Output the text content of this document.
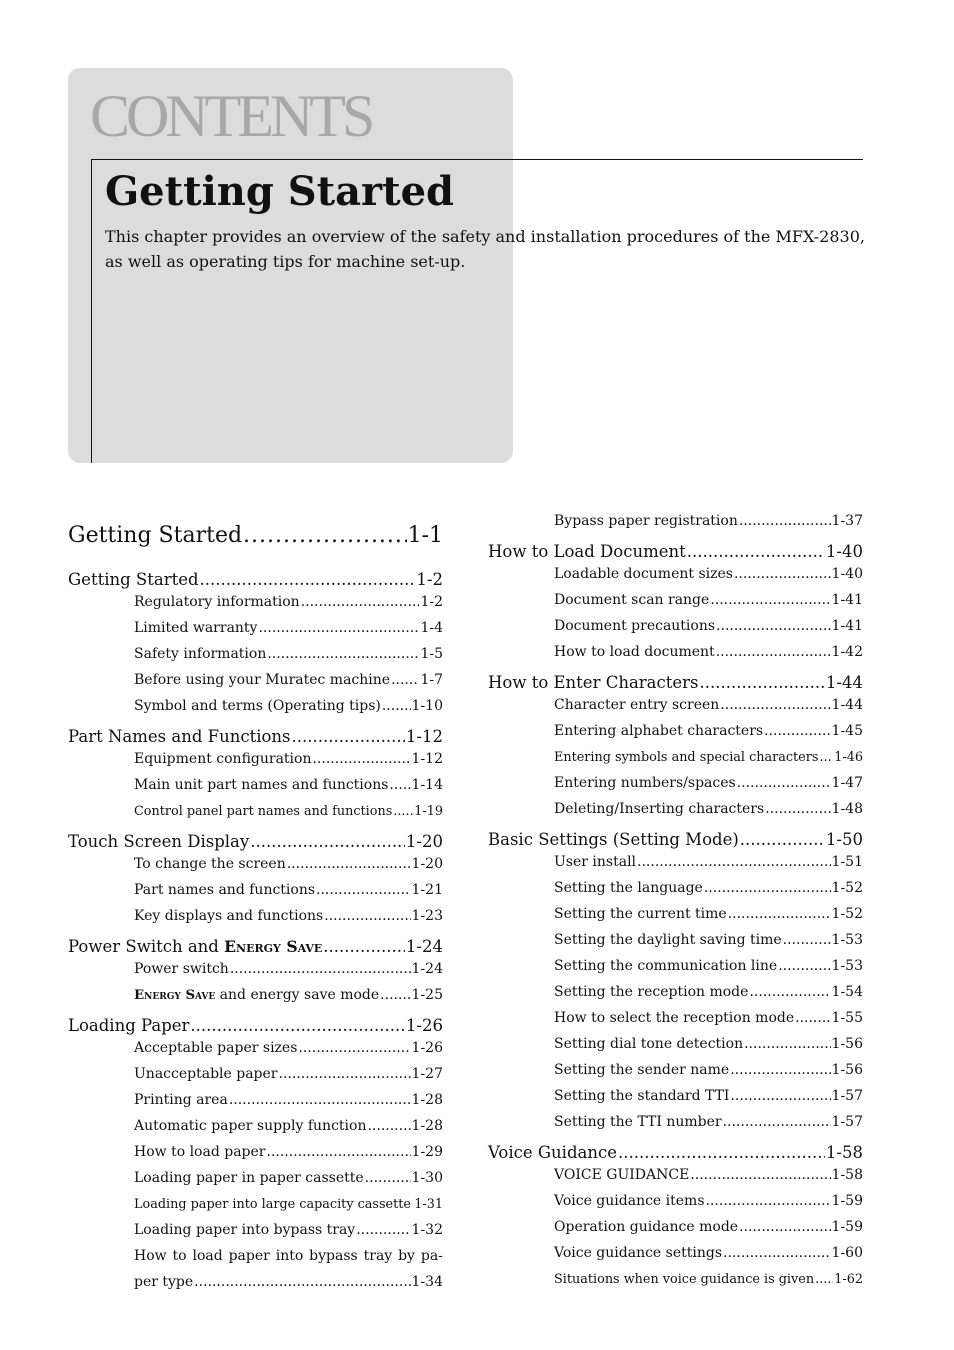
CONTENTS
Getting Started

This chapter provides an overview of the safety and installation procedures of the MFX-2830, as well as operating tips for machine set-up.

Getting Started .....	1-1
Getting Started .....	1-2
Regulatory information .....	1-2
Limited warranty .....	1-4
Safety information .....	1-5
Before using your Muratec machine ..... 1-7
Symbol and terms (Operating tips) ..... 1-10
Part Names and Functions .....	1-12
Equipment configuration .....	1-12
Main unit part names and functions ..... 1-14
Control panel part names and functions ..... 1-19
Touch Screen Display .....	1-20
To change the screen .....	1-20
Part names and functions .....	1-21
Key displays and functions .....	1-23
Power Switch and Energy Save .....	1-24
Power switch .....	1-24
Energy Save and energy save mode ..... 1-25
Loading Paper .....	1-26
Acceptable paper sizes .....	1-26
Unacceptable paper .....	1-27
Printing area .....	1-28
Automatic paper supply function .....	1-28
How to load paper .....	1-29
Loading paper in paper cassette .....	1-30
Loading paper into large capacity cassette ..... 1-31
Loading paper into bypass tray .....	1-32
How to load paper into bypass tray by pa-
per type .....	1-34
Bypass paper registration .....	1-37
How to Load Document .....	1-40
Loadable document sizes .....	1-40
Document scan range .....	1-41
Document precautions .....	1-41
How to load document .....	1-42
How to Enter Characters .....	1-44
Character entry screen .....	1-44
Entering alphabet characters .....	1-45
Entering symbols and special characters ..... 1-46
Entering numbers/spaces .....	1-47
Deleting/Inserting characters .....	1-48
Basic Settings (Setting Mode) .....	1-50
User install .....	1-51
Setting the language .....	1-52
Setting the current time .....	1-52
Setting the daylight saving time .....	1-53
Setting the communication line .....	1-53
Setting the reception mode .....	1-54
How to select the reception mode .....	1-55
Setting dial tone detection .....	1-56
Setting the sender name .....	1-56
Setting the standard TTI .....	1-57
Setting the TTI number .....	1-57
Voice Guidance .....	1-58
VOICE GUIDANCE .....	1-58
Voice guidance items .....	1-59
Operation guidance mode .....	1-59
Voice guidance settings .....	1-60
Situations when voice guidance is given ..... 1-62
